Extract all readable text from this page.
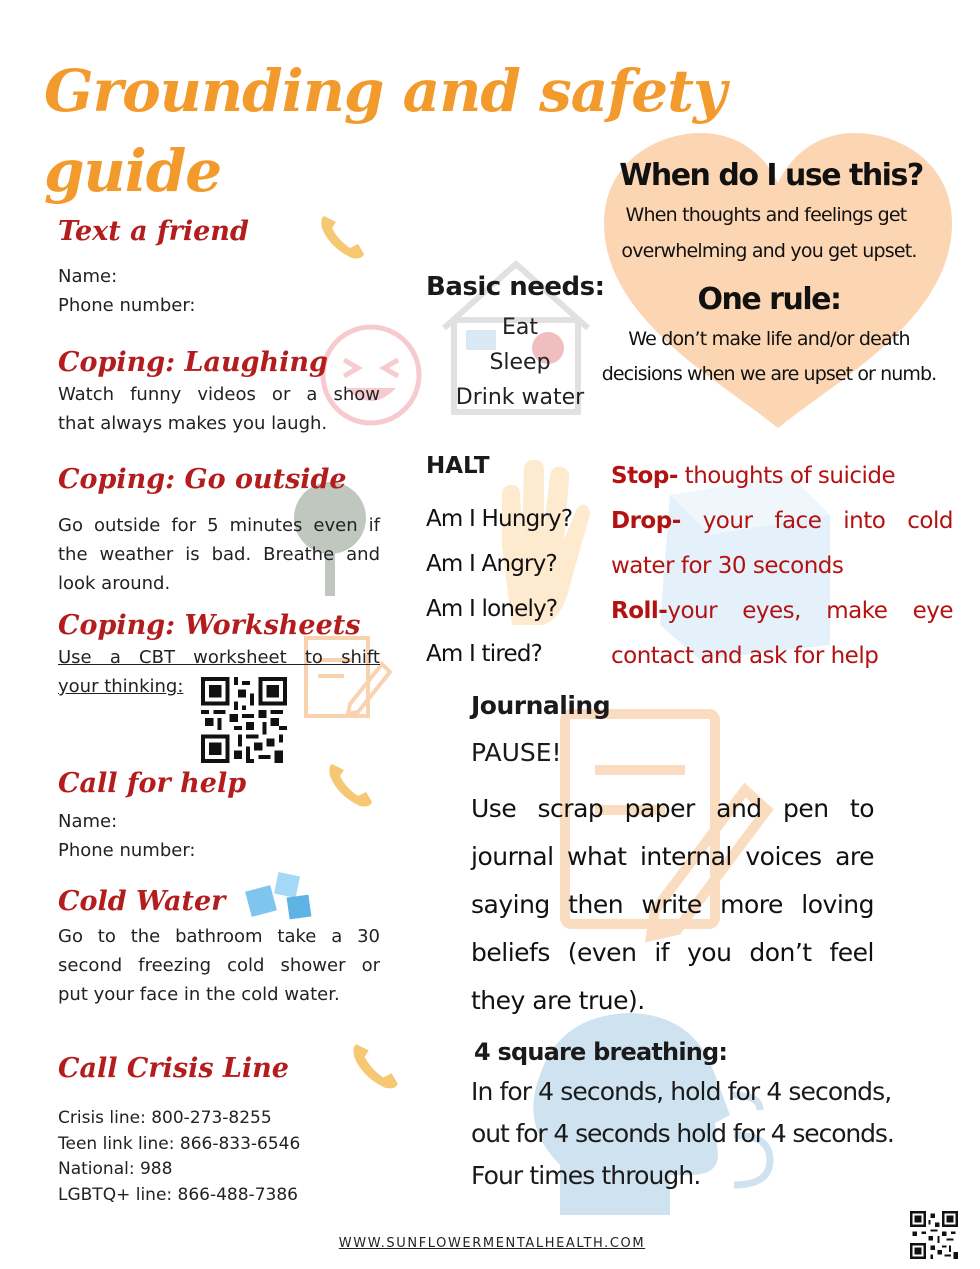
Grounding and safety
guide
Text a friend
Name:
Phone number:
Coping: Laughing
Watch funny videos or a show
that always makes you laugh.
Coping: Go outside
Go outside for 5 minutes even if
the weather is bad. Breathe and
look around.
Coping: Worksheets
Use a CBT worksheet to shift
your thinking:
Call for help
Name:
Phone number:
Cold Water
Go to the bathroom take a 30
second freezing cold shower or
put your face in the cold water.
Call Crisis Line
Crisis line: 800-273-8255
Teen link line: 866-833-6546
National: 988
LGBTQ+ line: 866-488-7386
When do I use this?
When thoughts and feelings get
overwhelming and you get upset.
One rule:
We don’t make life and/or death
decisions when we are upset or numb.
Basic needs:
Eat
Sleep
Drink water
HALT
Am I Hungry?
Am I Angry?
Am I lonely?
Am I tired?
Stop- thoughts of suicide
Drop- your face into cold
water for 30 seconds
Roll-your eyes, make eye
contact and ask for help
Journaling
PAUSE!
Use scrap paper and pen to
journal what internal voices are
saying then write more loving
beliefs (even if you don’t feel
they are true).
4 square breathing:
In for 4 seconds, hold for 4 seconds,
out for 4 seconds hold for 4 seconds.
Four times through.
WWW.SUNFLOWERMENTALHEALTH.COM
